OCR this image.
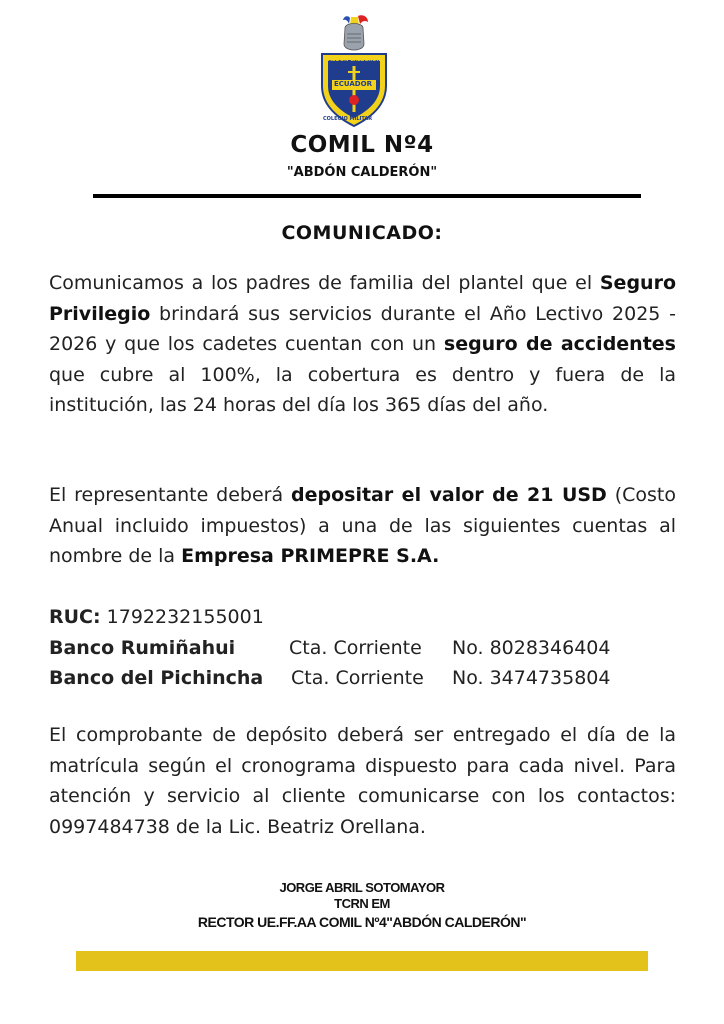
ABDÓN CALDERÓN
ECUADOR
COLEGIO MILITAR
COMIL Nº4
"ABDÓN CALDERÓN"
COMUNICADO:
Comunicamos a los padres de familia del plantel que el Seguro Privilegio brindará sus servicios durante el Año Lectivo 2025 - 2026 y que los cadetes cuentan con un seguro de accidentes que cubre al 100%, la cobertura es dentro y fuera de la institución, las 24 horas del día los 365 días del año.
El representante deberá depositar el valor de 21 USD (Costo Anual incluido impuestos) a una de las siguientes cuentas al nombre de la Empresa PRIMEPRE S.A.
RUC: 1792232155001
Banco Rumiñahui	Cta. Corriente No. 8028346404
Banco del Pichincha Cta. Corriente No. 3474735804
El comprobante de depósito deberá ser entregado el día de la matrícula según el cronograma dispuesto para cada nivel. Para atención y servicio al cliente comunicarse con los contactos: 0997484738 de la Lic. Beatriz Orellana.
JORGE ABRIL SOTOMAYOR
TCRN EM
RECTOR UE.FF.AA COMIL Nº4"ABDÓN CALDERÓN"
